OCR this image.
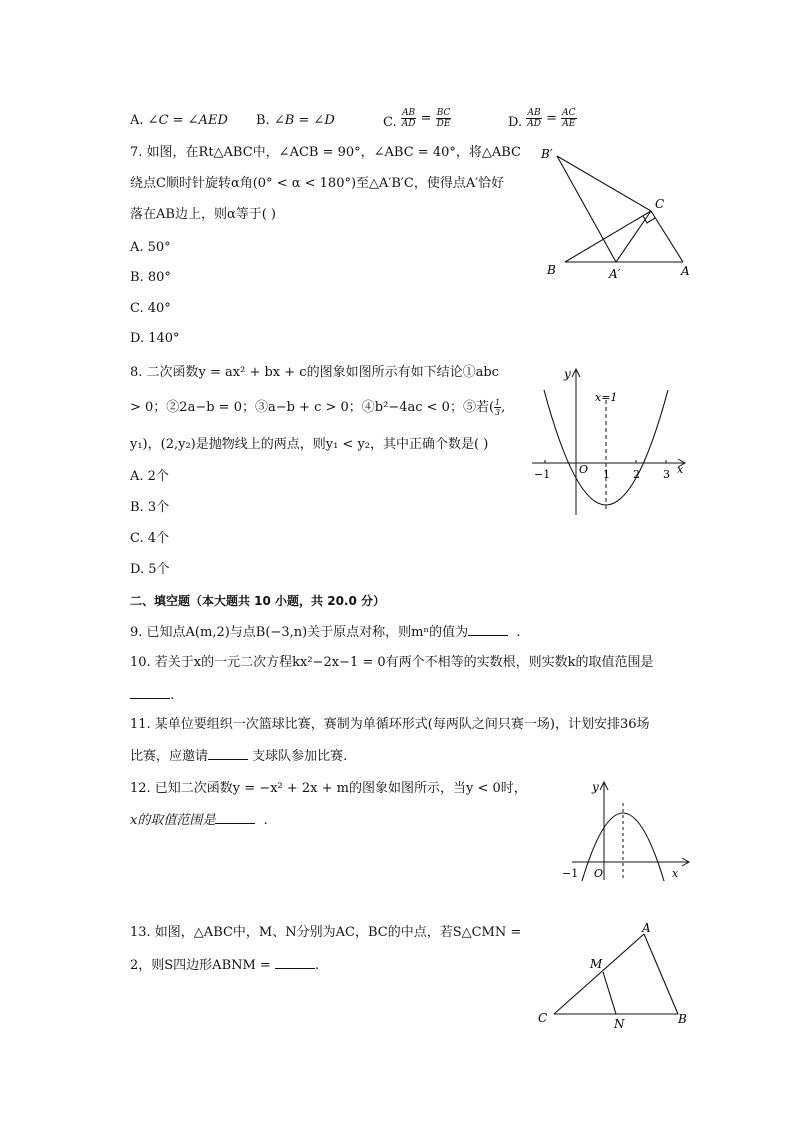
A. ∠C = ∠AED B. ∠B = ∠D	C. $\frac{AB}{AD} = \frac{BC}{DE}$	D. $\frac{AB}{AD} = \frac{AC}{AE}$
7. 如图，在Rt△ABC中，∠ACB = 90°，∠ABC = 40°，将△ABC
绕点C顺时针旋转α角(0° < α < 180°)至△A′B′C，使得点A′恰好
落在AB边上，则α等于( )
A. 50°
B. 80°
C. 40°
D. 140°
B′
C
B	A′	A
8. 二次函数y = ax² + bx + c的图象如图所示有如下结论①abc
> 0；②2a−b = 0；③a−b + c > 0；④b²−4ac < 0；⑤若( $\frac{1}{3}$ ,
y₁)，(2,y₂)是抛物线上的两点，则y₁ < y₂，其中正确个数是( )
A. 2个
B. 3个
C. 4个
D. 5个
y
x=1
−1	O 1 2 3 x
二、填空题（本大题共 10 小题，共 20.0 分）
9. 已知点A(m,2)与点B(−3,n)关于原点对称，则mⁿ的值为	.
10. 若关于x的一元二次方程kx²−2x−1 = 0有两个不相等的实数根，则实数k的取值范围是
.
11. 某单位要组织一次篮球比赛，赛制为单循环形式(每两队之间只赛一场)，计划安排36场
比赛，应邀请	支球队参加比赛.
12. 已知二次函数y = −x² + 2x + m的图象如图所示，当y < 0时，
x的取值范围是	.
y
−1 O	x
13. 如图，△ABC中，M、N分别为AC，BC的中点，若S△CMN =
2，则S四边形ABNM =	.
A
M
C	N	B
